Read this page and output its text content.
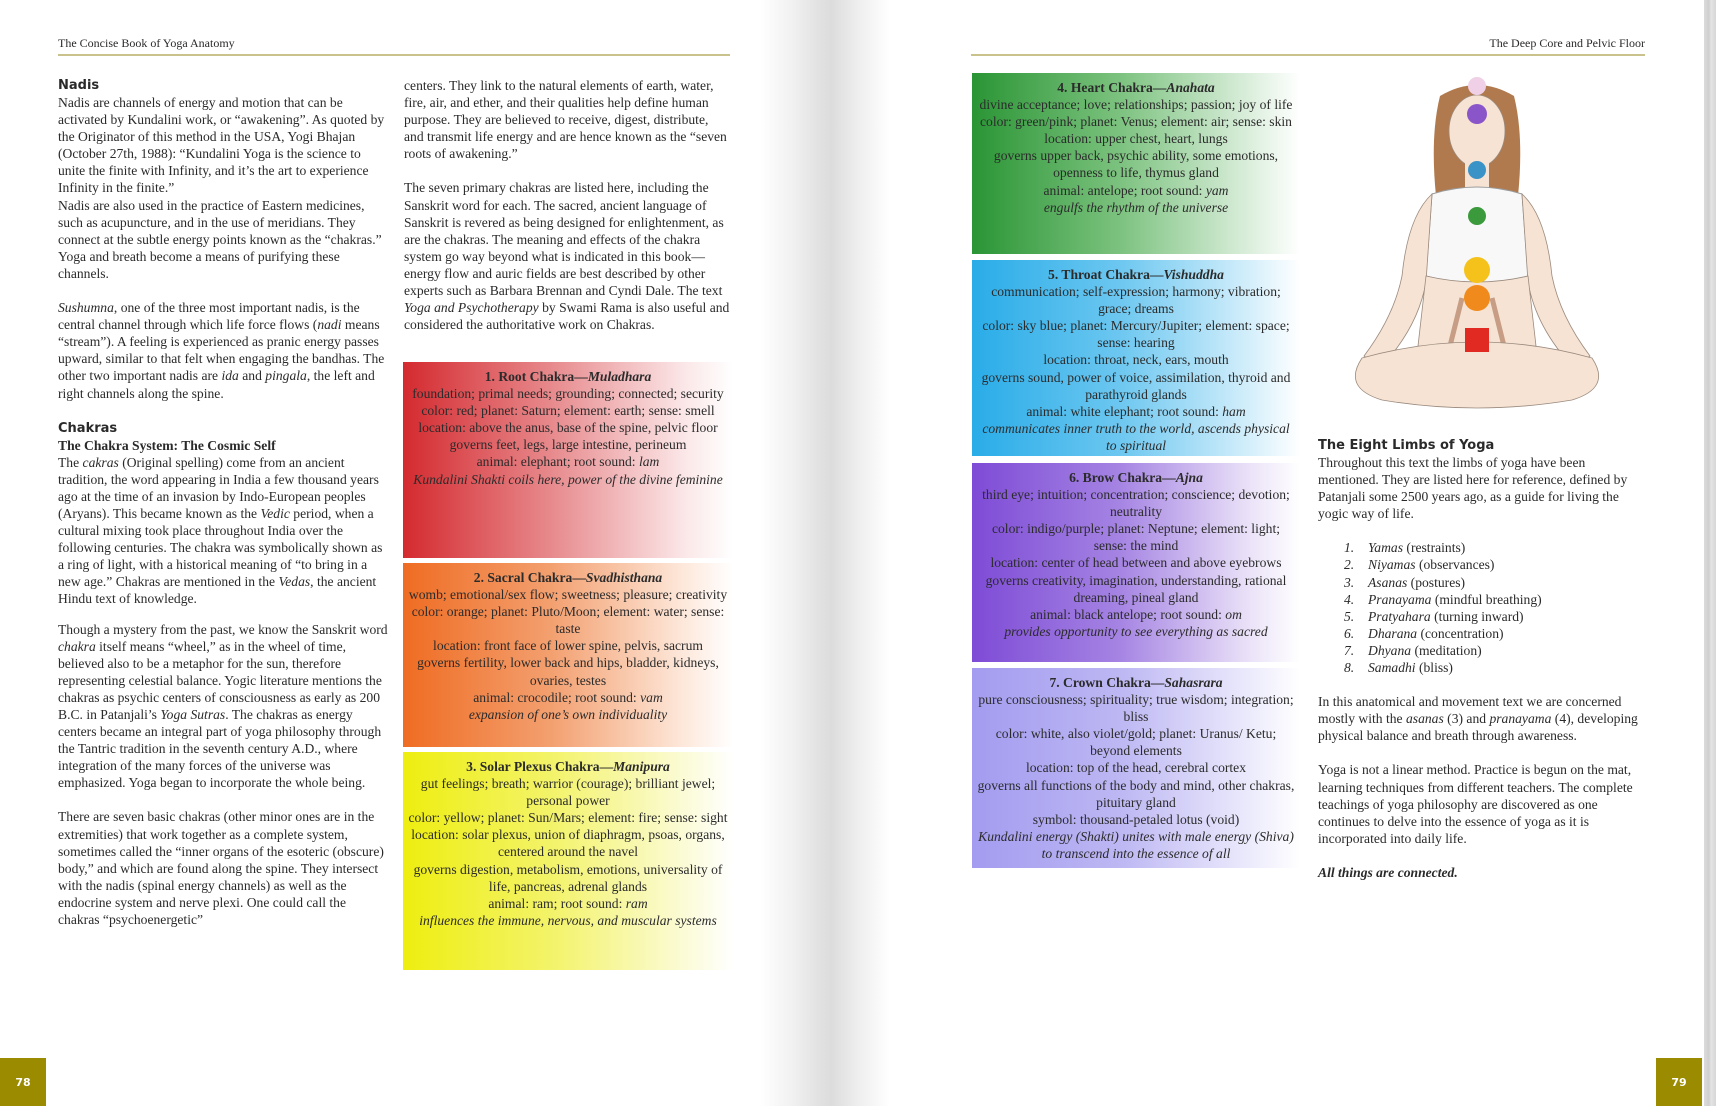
The Concise Book of Yoga Anatomy	The Deep Core and Pelvic Floor
Nadis

Nadis are channels of energy and motion that can be activated by Kundalini work, or “awakening”. As quoted by the Originator of this method in the USA, Yogi Bhajan (October 27th, 1988): “Kundalini Yoga is the science to unite the finite with Infinity, and it’s the art to experience Infinity in the finite.”

Nadis are also used in the practice of Eastern medicines, such as acupuncture, and in the use of meridians. They connect at the subtle energy points known as the “chakras.” Yoga and breath become a means of purifying these channels.

Sushumna, one of the three most important nadis, is the central channel through which life force flows (nadi means “stream”). A feeling is experienced as pranic energy passes upward, similar to that felt when engaging the bandhas. The other two important nadis are ida and pingala, the left and right channels along the spine.

Chakras
The Chakra System: The Cosmic Self

The cakras (Original spelling) come from an ancient tradition, the word appearing in India a few thousand years ago at the time of an invasion by Indo-European peoples (Aryans). This became known as the Vedic period, when a cultural mixing took place throughout India over the following centuries. The chakra was symbolically shown as a ring of light, with a historical meaning of “to bring in a new age.” Chakras are mentioned in the Vedas, the ancient Hindu text of knowledge.

Though a mystery from the past, we know the Sanskrit word chakra itself means “wheel,” as in the wheel of time, believed also to be a metaphor for the sun, therefore representing celestial balance. Yogic literature mentions the chakras as psychic centers of consciousness as early as 200 B.C. in Patanjali’s Yoga Sutras. The chakras as energy centers became an integral part of yoga philosophy through the Tantric tradition in the seventh century A.D., where integration of the many forces of the universe was emphasized. Yoga began to incorporate the whole being.

There are seven basic chakras (other minor ones are in the extremities) that work together as a complete system, sometimes called the “inner organs of the esoteric (obscure) body,” and which are found along the spine. They intersect with the nadis (spinal energy channels) as well as the endocrine system and nerve plexi. One could call the chakras “psychoenergetic”

centers. They link to the natural elements of earth, water, fire, air, and ether, and their qualities help define human purpose. They are believed to receive, digest, distribute, and transmit life energy and are hence known as the “seven roots of awakening.”

The seven primary chakras are listed here, including the Sanskrit word for each. The sacred, ancient language of Sanskrit is revered as being designed for enlightenment, as are the chakras. The meaning and effects of the chakra system go way beyond what is indicated in this book—energy flow and auric fields are best described by other experts such as Barbara Brennan and Cyndi Dale. The text Yoga and Psychotherapy by Swami Rama is also useful and considered the authoritative work on Chakras.

1. Root Chakra—Muladhara
foundation; primal needs; grounding; connected; security
color: red; planet: Saturn; element: earth; sense: smell
location: above the anus, base of the spine, pelvic floor
governs feet, legs, large intestine, perineum
animal: elephant; root sound: lam
Kundalini Shakti coils here, power of the divine feminine
2. Sacral Chakra—Svadhisthana
womb; emotional/sex flow; sweetness; pleasure; creativity
color: orange; planet: Pluto/Moon; element: water; sense: taste
location: front face of lower spine, pelvis, sacrum
governs fertility, lower back and hips, bladder, kidneys, ovaries, testes
animal: crocodile; root sound: vam
expansion of one’s own individuality
3. Solar Plexus Chakra—Manipura
gut feelings; breath; warrior (courage); brilliant jewel; personal power
color: yellow; planet: Sun/Mars; element: fire; sense: sight
location: solar plexus, union of diaphragm, psoas, organs, centered around the navel
governs digestion, metabolism, emotions, universality of life, pancreas, adrenal glands
animal: ram; root sound: ram
influences the immune, nervous, and muscular systems
4. Heart Chakra—Anahata
divine acceptance; love; relationships; passion; joy of life
color: green/pink; planet: Venus; element: air; sense: skin
location: upper chest, heart, lungs
governs upper back, psychic ability, some emotions, openness to life, thymus gland
animal: antelope; root sound: yam
engulfs the rhythm of the universe
5. Throat Chakra—Vishuddha
communication; self-expression; harmony; vibration; grace; dreams
color: sky blue; planet: Mercury/Jupiter; element: space; sense: hearing
location: throat, neck, ears, mouth
governs sound, power of voice, assimilation, thyroid and parathyroid glands
animal: white elephant; root sound: ham
communicates inner truth to the world, ascends physical to spiritual
6. Brow Chakra—Ajna
third eye; intuition; concentration; conscience; devotion; neutrality
color: indigo/purple; planet: Neptune; element: light; sense: the mind
location: center of head between and above eyebrows
governs creativity, imagination, understanding, rational dreaming, pineal gland
animal: black antelope; root sound: om
provides opportunity to see everything as sacred
7. Crown Chakra—Sahasrara
pure consciousness; spirituality; true wisdom; integration; bliss
color: white, also violet/gold; planet: Uranus/ Ketu; beyond elements
location: top of the head, cerebral cortex
governs all functions of the body and mind, other chakras, pituitary gland
symbol: thousand-petaled lotus (void)
Kundalini energy (Shakti) unites with male energy (Shiva) to transcend into the essence of all
The Eight Limbs of Yoga

Throughout this text the limbs of yoga have been mentioned. They are listed here for reference, defined by Patanjali some 2500 years ago, as a guide for living the yogic way of life.

1.	Yamas (restraints)
2.	Niyamas (observances)
3.	Asanas (postures)
4.	Pranayama (mindful breathing)
5.	Pratyahara (turning inward)
6.	Dharana (concentration)
7.	Dhyana (meditation)
8.	Samadhi (bliss)

In this anatomical and movement text we are concerned mostly with the asanas (3) and pranayama (4), developing physical balance and breath through awareness.

Yoga is not a linear method. Practice is begun on the mat, learning techniques from different teachers. The complete teachings of yoga philosophy are discovered as one continues to delve into the essence of yoga as it is incorporated into daily life.

All things are connected.

78	79
